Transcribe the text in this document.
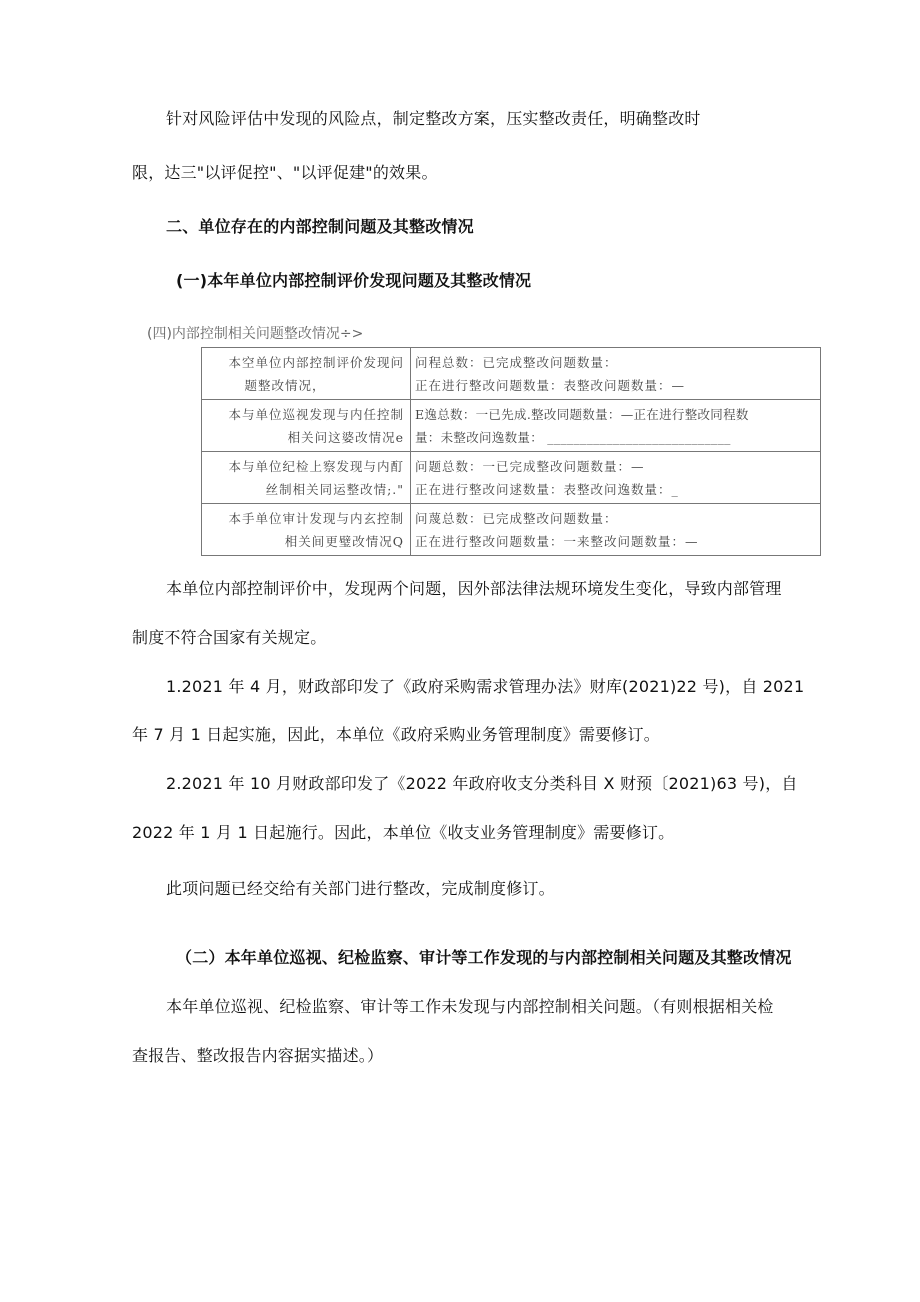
针对风险评估中发现的风险点，制定整改方案，压实整改责任，明确整改时
限，达三"以评促控"、"以评促建"的效果。
二、单位存在的内部控制问题及其整改情况
(一)本年单位内部控制评价发现问题及其整改情况
(四)内部控制相关问题整改情况÷>
本空单位内部控制评价发现问
题整改情况，	问程总数：已完成整改问题数量：
正在进行整改问题数量：表整改问题数量：—

本与单位巡视发现与内任控制
相关问这婆改情况e	E逸总数：一已先成.整改同题数量：—正在进行整改同程数
量：未整改问逸数量： ____________________________

本与单位纪检上察发现与内酊
丝制相关同运整改情;."	问题总数：一已完成整改问题数量：—
正在进行整改问逑数量：表整改问逸数量：_

本手单位审计发现与内玄控制
相关间更璧改情况Q	问蔑总数：已完成整改问题数量：
正在进行整改问题数量：一来整改问题数量：—
本单位内部控制评价中，发现两个问题，因外部法律法规环境发生变化，导致内部管理
制度不符合国家有关规定。
1.2021 年 4 月，财政部印发了《政府采购需求管理办法》财库(2021)22 号)，自 2021
年 7 月 1 日起实施，因此，本单位《政府采购业务管理制度》需要修订。
2.2021 年 10 月财政部印发了《2022 年政府收支分类科目 X 财预〔2021)63 号)，自
2022 年 1 月 1 日起施行。因此，本单位《收支业务管理制度》需要修订。
此项问题已经交给有关部门进行整改，完成制度修订。
（二）本年单位巡视、纪检监察、审计等工作发现的与内部控制相关问题及其整改情况
本年单位巡视、纪检监察、审计等工作未发现与内部控制相关问题。（有则根据相关检
查报告、整改报告内容据实描述。）
